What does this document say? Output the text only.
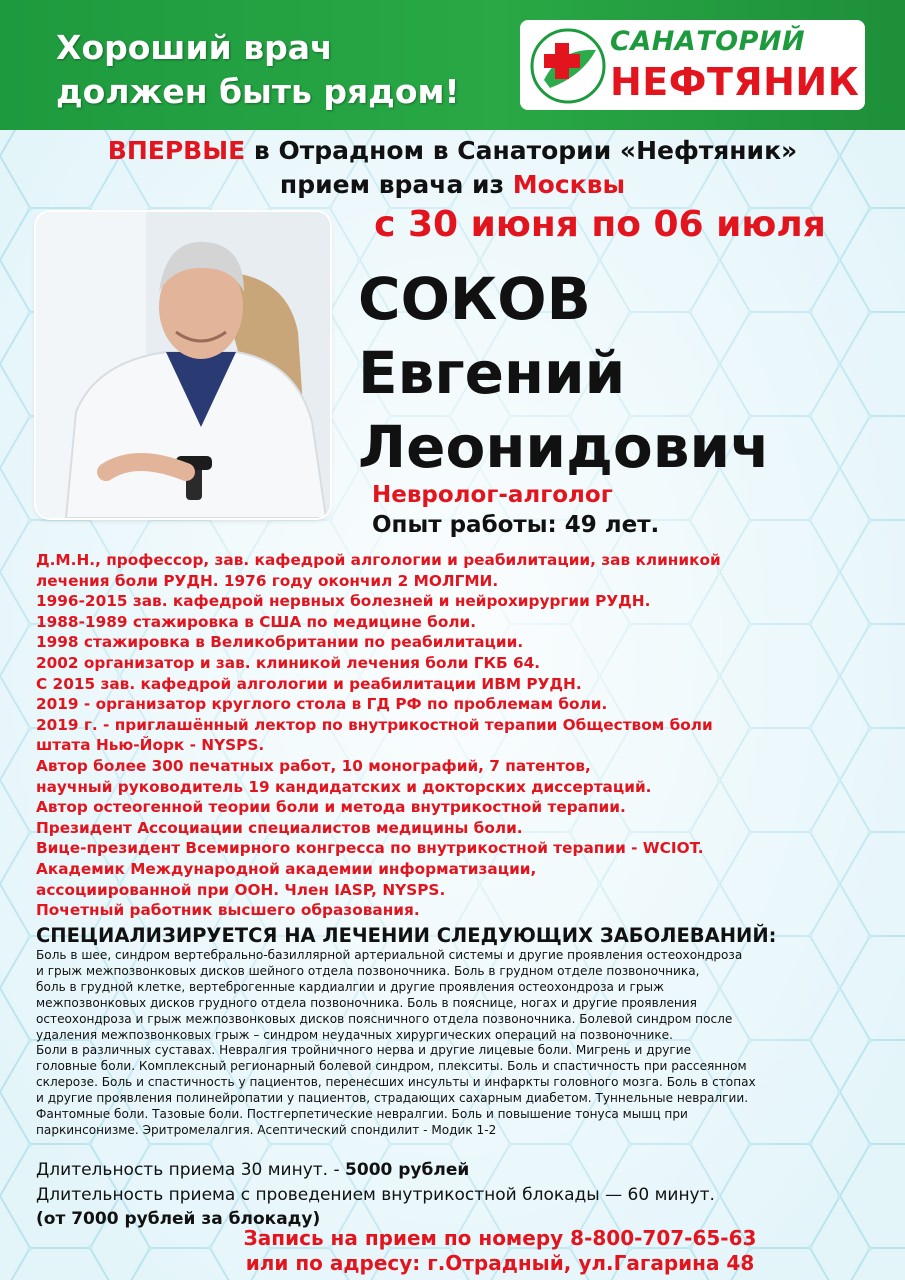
Хороший врач
должен быть рядом!
САНАТОРИЙ
НЕФТЯНИК
ВПЕРВЫЕ в Отрадном в Санатории «Нефтяник»
прием врача из Москвы
с 30 июня по 06 июля
СОКОВ
Евгений
Леонидович
Невролог-алголог
Опыт работы: 49 лет.
Д.М.Н., профессор, зав. кафедрой алгологии и реабилитации, зав клиникой
лечения боли РУДН. 1976 году окончил 2 МОЛГМИ.
1996-2015 зав. кафедрой нервных болезней и нейрохирургии РУДН.
1988-1989 стажировка в США по медицине боли.
1998 стажировка в Великобритании по реабилитации.
2002 организатор и зав. клиникой лечения боли ГКБ 64.
С 2015 зав. кафедрой алгологии и реабилитации ИВМ РУДН.
2019 - организатор круглого стола в ГД РФ по проблемам боли.
2019 г. - приглашённый лектор по внутрикостной терапии Обществом боли
штата Нью-Йорк - NYSPS.
Автор более 300 печатных работ, 10 монографий, 7 патентов,
научный руководитель 19 кандидатских и докторских диссертаций.
Автор остеогенной теории боли и метода внутрикостной терапии.
Президент Ассоциации специалистов медицины боли.
Вице-президент Всемирного конгресса по внутрикостной терапии - WCIOT.
Академик Международной академии информатизации,
ассоциированной при ООН. Член IASP, NYSPS.
Почетный работник высшего образования.
СПЕЦИАЛИЗИРУЕТСЯ НА ЛЕЧЕНИИ СЛЕДУЮЩИХ ЗАБОЛЕВАНИЙ:
Боль в шее, синдром вертебрально-базиллярной артериальной системы и другие проявления остеохондроза
и грыж межпозвонковых дисков шейного отдела позвоночника. Боль в грудном отделе позвоночника,
боль в грудной клетке, вертеброгенные кардиалгии и другие проявления остеохондроза и грыж
межпозвонковых дисков грудного отдела позвоночника. Боль в пояснице, ногах и другие проявления
остеохондроза и грыж межпозвонковых дисков поясничного отдела позвоночника. Болевой синдром после
удаления межпозвонковых грыж – синдром неудачных хирургических операций на позвоночнике.
Боли в различных суставах. Невралгия тройничного нерва и другие лицевые боли. Мигрень и другие
головные боли. Комплексный регионарный болевой синдром, плекситы. Боль и спастичность при рассеянном
склерозе. Боль и спастичность у пациентов, перенесших инсульты и инфаркты головного мозга. Боль в стопах
и другие проявления полинейропатии у пациентов, страдающих сахарным диабетом. Туннельные невралгии.
Фантомные боли. Тазовые боли. Постгерпетические невралгии. Боль и повышение тонуса мышц при
паркинсонизме. Эритромелалгия. Асептический спондилит - Модик 1-2
Длительность приема 30 минут. - 5000 рублей
Длительность приема с проведением внутрикостной блокады — 60 минут.
(от 7000 рублей за блокаду)
Запись на прием по номеру 8-800-707-65-63
или по адресу: г.Отрадный, ул.Гагарина 48
